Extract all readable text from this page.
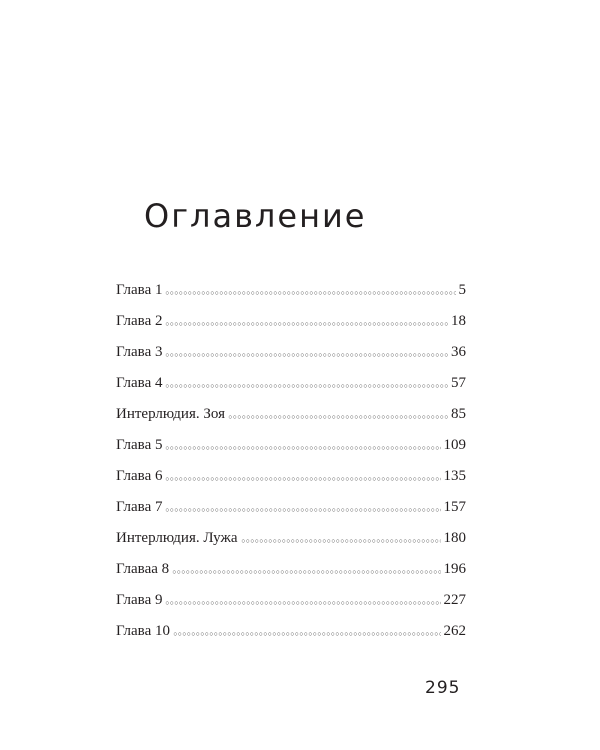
Оглавление
Глава 1	5
Глава 2	18
Глава 3	36
Глава 4	57
Интерлюдия. Зоя	85
Глава 5	109
Глава 6	135
Глава 7	157
Интерлюдия. Лужа	180
Главаа 8	196
Глава 9	227
Глава 10	262

295
